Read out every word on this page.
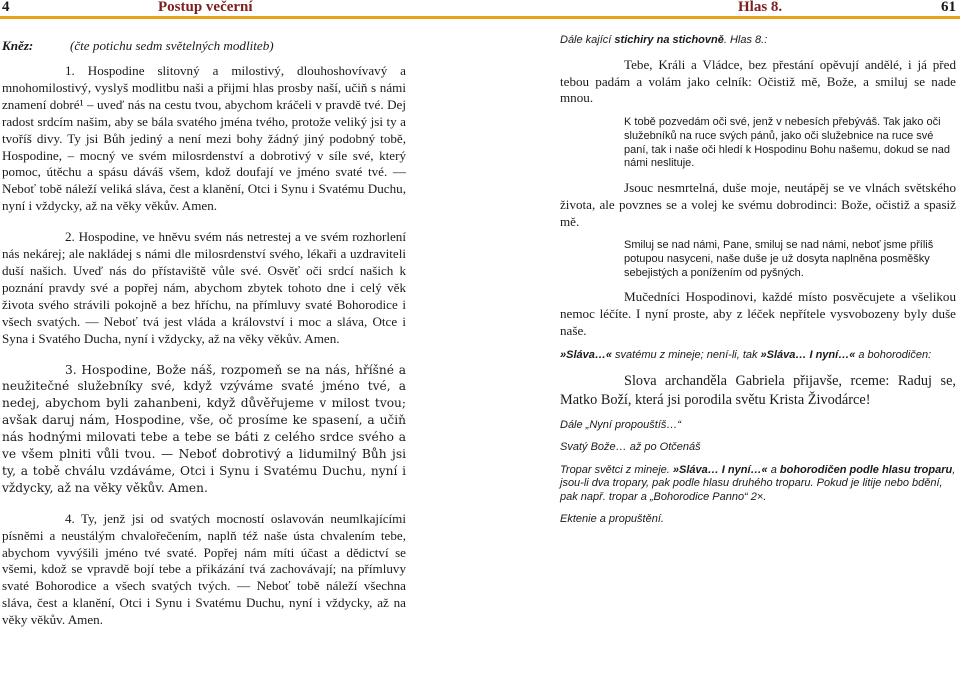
4	Postup večerní	Hlas 8.	61
Kněz:	(čte potichu sedm světelných modliteb)

1. Hospodine slitovný a milostivý, dlouhoshovívavý a mnohomilostivý, vyslyš modlitbu naši a přijmi hlas prosby naší, učiň s námi znamení dobré¹ – uveď nás na cestu tvou, abychom kráčeli v pravdě tvé. Dej radost srdcím našim, aby se bála svatého jména tvého, protože veliký jsi ty a tvoříš divy. Ty jsi Bůh jediný a není mezi bohy žádný jiný podobný tobě, Hospodine, – mocný ve svém milosrdenství a dobrotivý v síle své, který pomoc, útěchu a spásu dáváš všem, kdož doufají ve jméno svaté tvé. — Neboť tobě náleží veliká sláva, čest a klanění, Otci i Synu i Svatému Duchu, nyní i vždycky, až na věky věkův. Amen.

2. Hospodine, ve hněvu svém nás netrestej a ve svém rozhorlení nás nekárej; ale nakládej s námi dle milosrdenství svého, lékaři a uzdraviteli duší našich. Uveď nás do přístaviště vůle své. Osvěť oči srdcí našich k poznání pravdy své a popřej nám, abychom zbytek tohoto dne i celý věk života svého strávili pokojně a bez hříchu, na přímluvy svaté Bohorodice i všech svatých. — Neboť tvá jest vláda a království i moc a sláva, Otce i Syna i Svatého Ducha, nyní i vždycky, až na věky věkův. Amen.

3. Hospodine, Bože náš, rozpomeň se na nás, hříšné a neužitečné služebníky své, když vzýváme svaté jméno tvé, a nedej, abychom byli zahanbeni, když důvěřujeme v milost tvou; avšak daruj nám, Hospodine, vše, oč prosíme ke spasení, a učiň nás hodnými milovati tebe a tebe se báti z celého srdce svého a ve všem plniti vůli tvou. — Neboť dobrotivý a lidumilný Bůh jsi ty, a tobě chválu vzdáváme, Otci i Synu i Svatému Duchu, nyní i vždycky, až na věky věkův. Amen.

4. Ty, jenž jsi od svatých mocností oslavován neumlkajícími písněmi a neustálým chvalořečením, naplň též naše ústa chvalením tebe, abychom vyvýšili jméno tvé svaté. Popřej nám míti účast a dědictví se všemi, kdož se vpravdě bojí tebe a přikázání tvá zachovávají; na přímluvy svaté Bohorodice a všech svatých tvých. — Neboť tobě náleží všechna sláva, čest a klanění, Otci i Synu i Svatému Duchu, nyní i vždycky, až na věky věkův. Amen.

Dále kající stichiry na stichovně. Hlas 8.:
Tebe, Králi a Vládce, bez přestání opěvují andělé, i já před tebou padám a volám jako celník: Očistiž mě, Bože, a smiluj se nade mnou.
K tobě pozvedám oči své, jenž v nebesích přebýváš. Tak jako oči služebníků na ruce svých pánů, jako oči služebnice na ruce své paní, tak i naše oči hledí k Hospodinu Bohu našemu, dokud se nad námi neslituje.
Jsouc nesmrtelná, duše moje, neutápěj se ve vlnách světského života, ale povznes se a volej ke svému dobrodinci: Bože, očistiž a spasiž mě.
Smiluj se nad námi, Pane, smiluj se nad námi, neboť jsme příliš potupou nasyceni, naše duše je už dosyta naplněna posměšky sebejistých a ponížením od pyšných.
Mučedníci Hospodinovi, každé místo posvěcujete a všelikou nemoc léčíte. I nyní proste, aby z léček nepřítele vysvobozeny byly duše naše.
»Sláva…« svatému z mineje; není-li, tak »Sláva… I nyní…« a bohorodičen:
Slova archanděla Gabriela přijavše, rceme: Raduj se, Matko Boží, která jsi porodila světu Krista Živodárce!
Dále „Nyní propouštíš…“
Svatý Bože… až po Otčenáš
Tropar světci z mineje. »Sláva… I nyní…« a bohorodičen podle hlasu troparu, jsou-li dva tropary, pak podle hlasu druhého troparu. Pokud je litije nebo bdění, pak např. tropar a „Bohorodice Panno“ 2×.
Ektenie a propuštění.
